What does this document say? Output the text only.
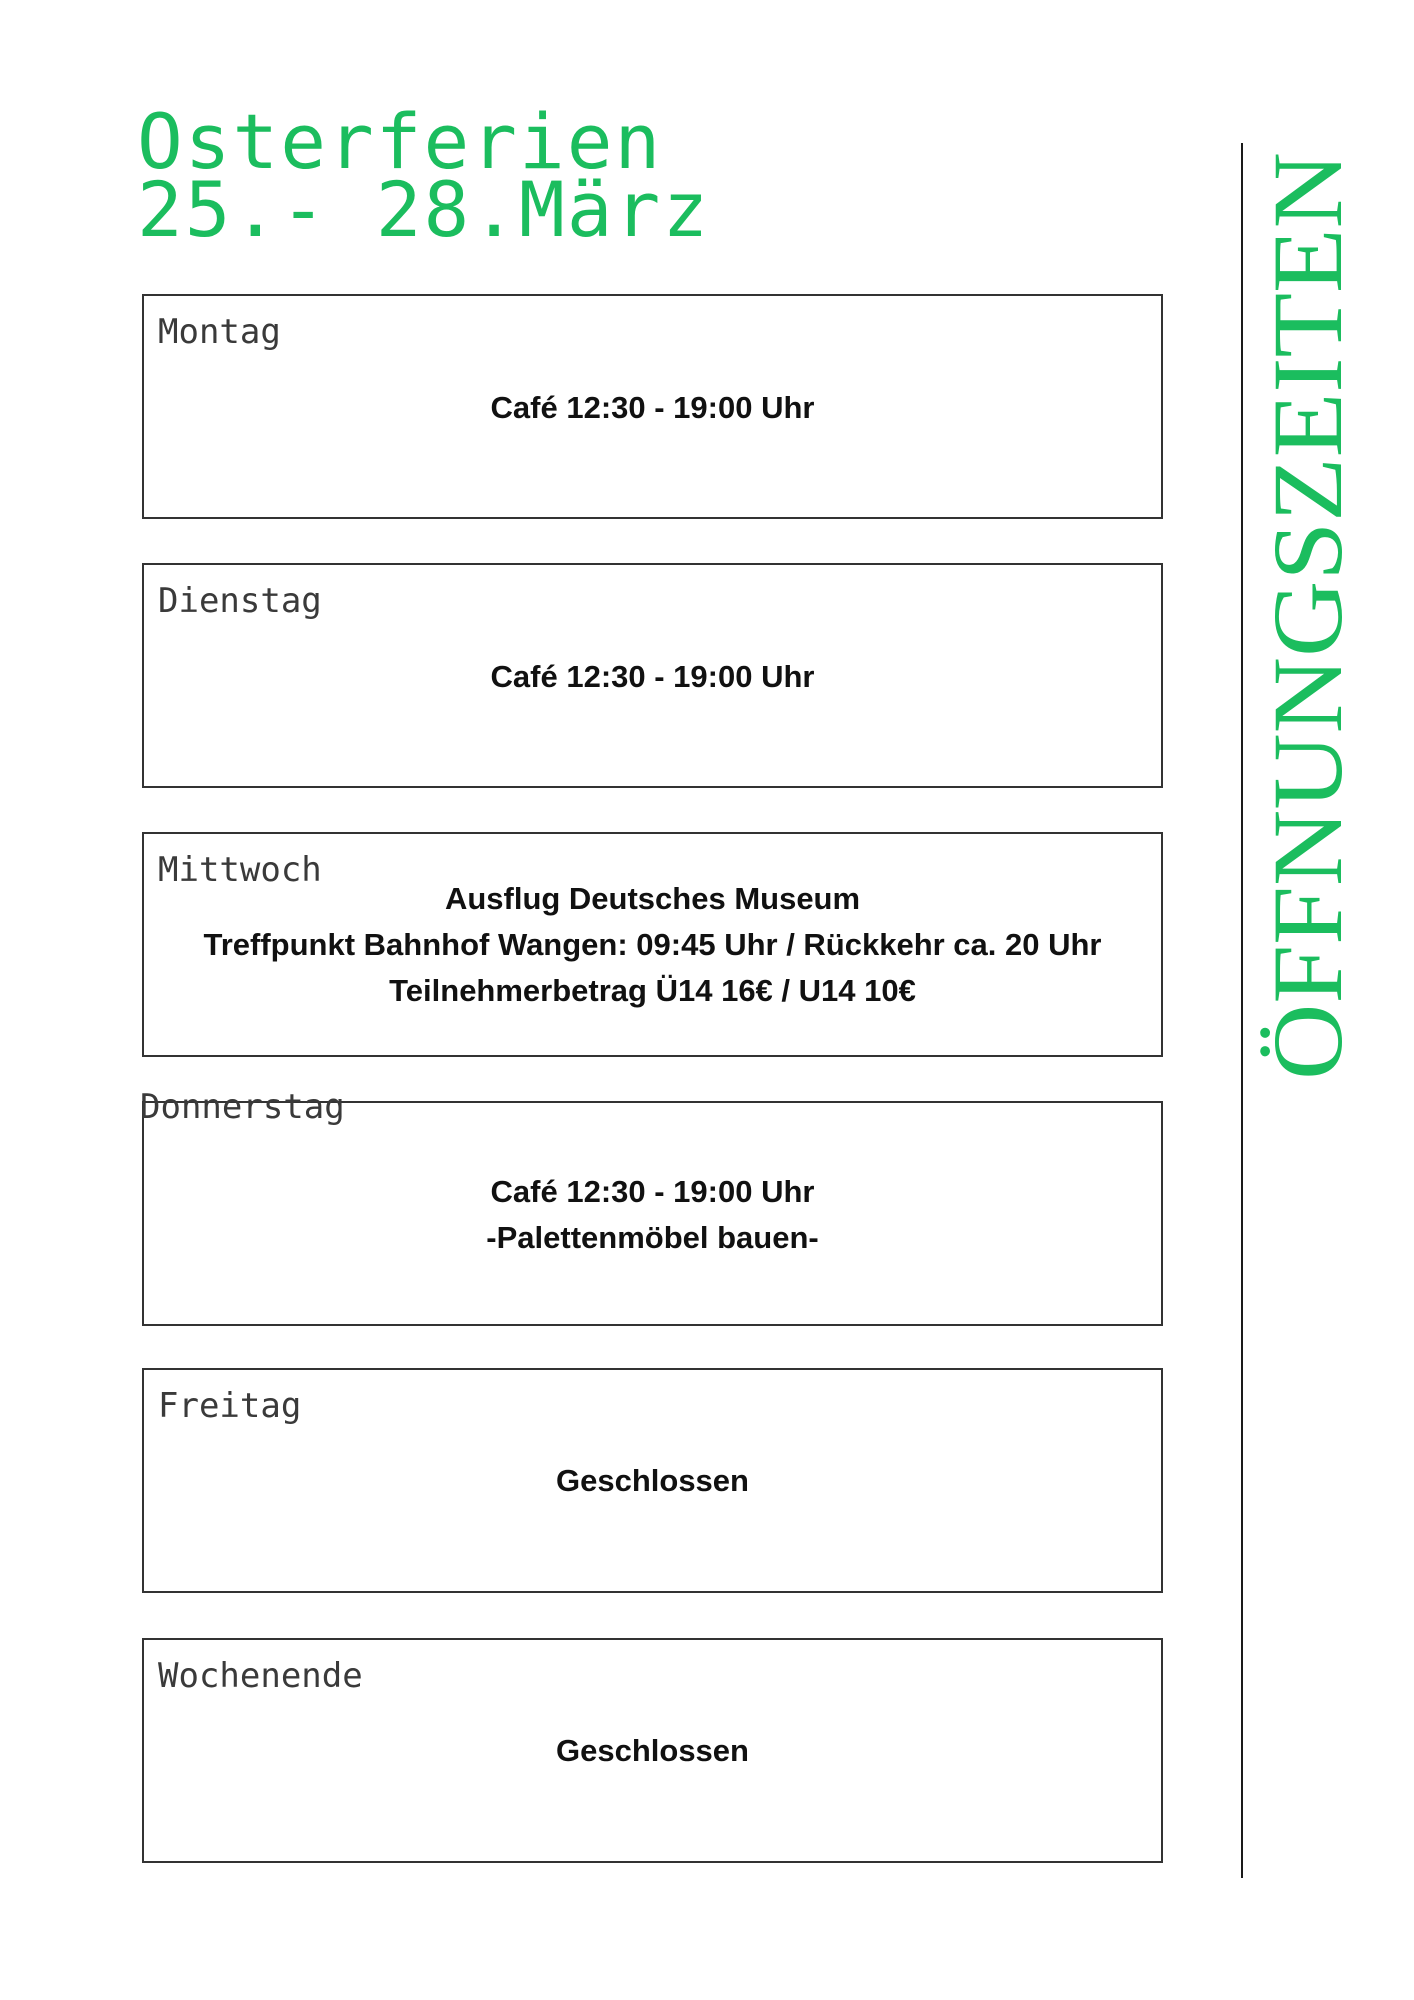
Osterferien
25.- 28.März	ÖFFNUNGSZEITEN
Montag
Café 12:30 - 19:00 Uhr
Dienstag
Café 12:30 - 19:00 Uhr
Mittwoch
Ausflug Deutsches Museum
Treffpunkt Bahnhof Wangen: 09:45 Uhr / Rückkehr ca. 20 Uhr
Teilnehmerbetrag Ü14 16€ / U14 10€
Donnerstag
Café 12:30 - 19:00 Uhr
-Palettenmöbel bauen-
Freitag
Geschlossen
Wochenende
Geschlossen
